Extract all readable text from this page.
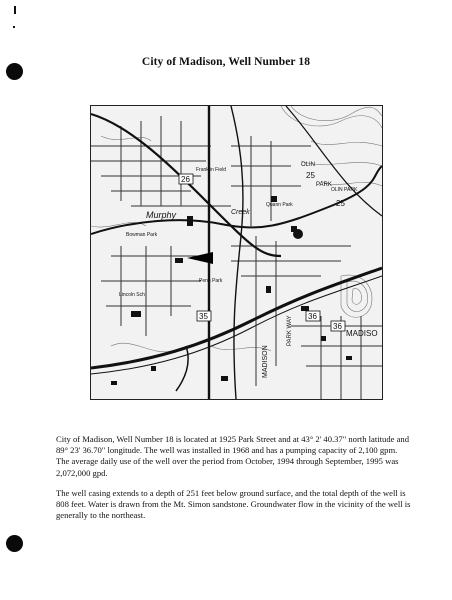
City of Madison, Well Number 18
26
35	36
36
25
25
Franklin Field
Murphy	Creek
Quann Park
Bowman Park
OLIN
PARK
OLIN PARK
Penn Park
Lincoln Sch
MADISO
MADISON
PARK WAY

City of Madison, Well Number 18 is located at 1925 Park Street and at 43° 2' 40.37" north latitude and 89° 23' 36.70" longitude. The well was installed in 1968 and has a pumping capacity of 2,100 gpm. The average daily use of the well over the period from October, 1994 through September, 1995 was 2,072,000 gpd.

The well casing extends to a depth of 251 feet below ground surface, and the total depth of the well is 808 feet. Water is drawn from the Mt. Simon sandstone. Groundwater flow in the vicinity of the well is generally to the northeast.
